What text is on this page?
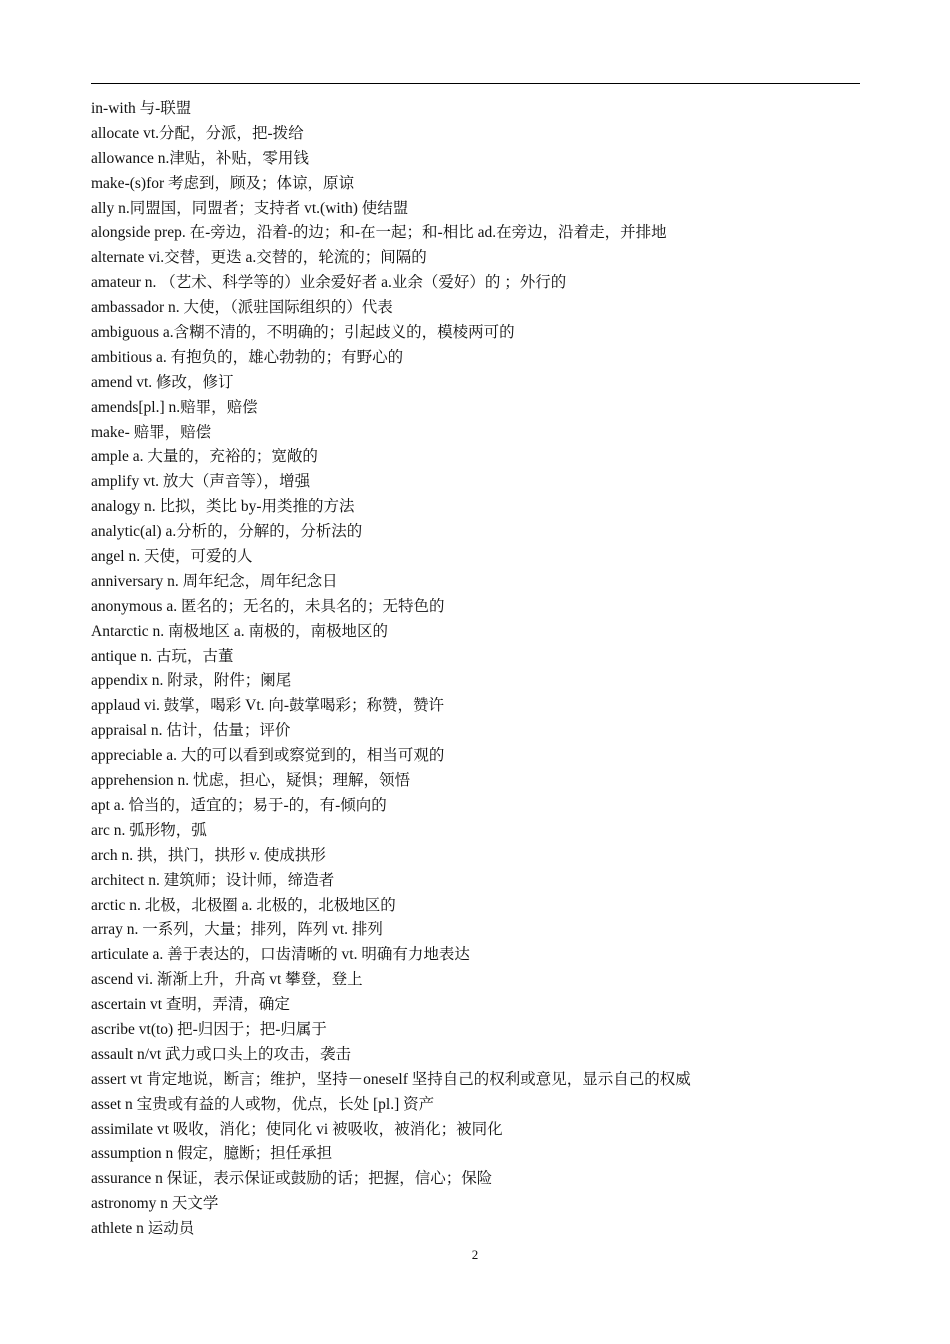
in-with 与-联盟
allocate vt.分配，分派，把-拨给
allowance n.津贴，补贴，零用钱
make-(s)for 考虑到，顾及；体谅，原谅
ally n.同盟国，同盟者；支持者 vt.(with) 使结盟
alongside prep. 在-旁边，沿着-的边；和-在一起；和-相比 ad.在旁边，沿着走，并排地
alternate vi.交替，更迭 a.交替的，轮流的；间隔的
amateur n. （艺术、科学等的）业余爱好者 a.业余（爱好）的 ；外行的
ambassador n. 大使，（派驻国际组织的）代表
ambiguous a.含糊不清的，不明确的；引起歧义的，模棱两可的
ambitious a. 有抱负的，雄心勃勃的；有野心的
amend vt. 修改，修订
amends[pl.] n.赔罪，赔偿
make- 赔罪，赔偿
ample a. 大量的，充裕的；宽敞的
amplify vt. 放大（声音等），增强
analogy n. 比拟，类比 by-用类推的方法
analytic(al) a.分析的，分解的，分析法的
angel n. 天使，可爱的人
anniversary n. 周年纪念，周年纪念日
anonymous a. 匿名的；无名的，未具名的；无特色的
Antarctic n. 南极地区 a. 南极的，南极地区的
antique n. 古玩，古董
appendix n. 附录，附件；阑尾
applaud vi. 鼓掌，喝彩 Vt. 向-鼓掌喝彩；称赞，赞许
appraisal n. 估计，估量；评价
appreciable a. 大的可以看到或察觉到的，相当可观的
apprehension n. 忧虑，担心，疑惧；理解，领悟
apt a. 恰当的，适宜的；易于-的，有-倾向的
arc n. 弧形物，弧
arch n. 拱，拱门，拱形 v. 使成拱形
architect n. 建筑师；设计师，缔造者
arctic n. 北极，北极圈 a. 北极的，北极地区的
array n. 一系列，大量；排列，阵列 vt. 排列
articulate a. 善于表达的，口齿清晰的 vt. 明确有力地表达
ascend vi. 渐渐上升，升高 vt 攀登，登上
ascertain vt 查明，弄清，确定
ascribe vt(to) 把-归因于；把-归属于
assault n/vt 武力或口头上的攻击，袭击
assert vt 肯定地说，断言；维护，坚持－oneself 坚持自己的权利或意见，显示自己的权威
asset n 宝贵或有益的人或物，优点，长处 [pl.] 资产
assimilate vt 吸收，消化；使同化 vi 被吸收，被消化；被同化
assumption n 假定，臆断；担任承担
assurance n 保证，表示保证或鼓励的话；把握，信心；保险
astronomy n 天文学
athlete n 运动员
2
